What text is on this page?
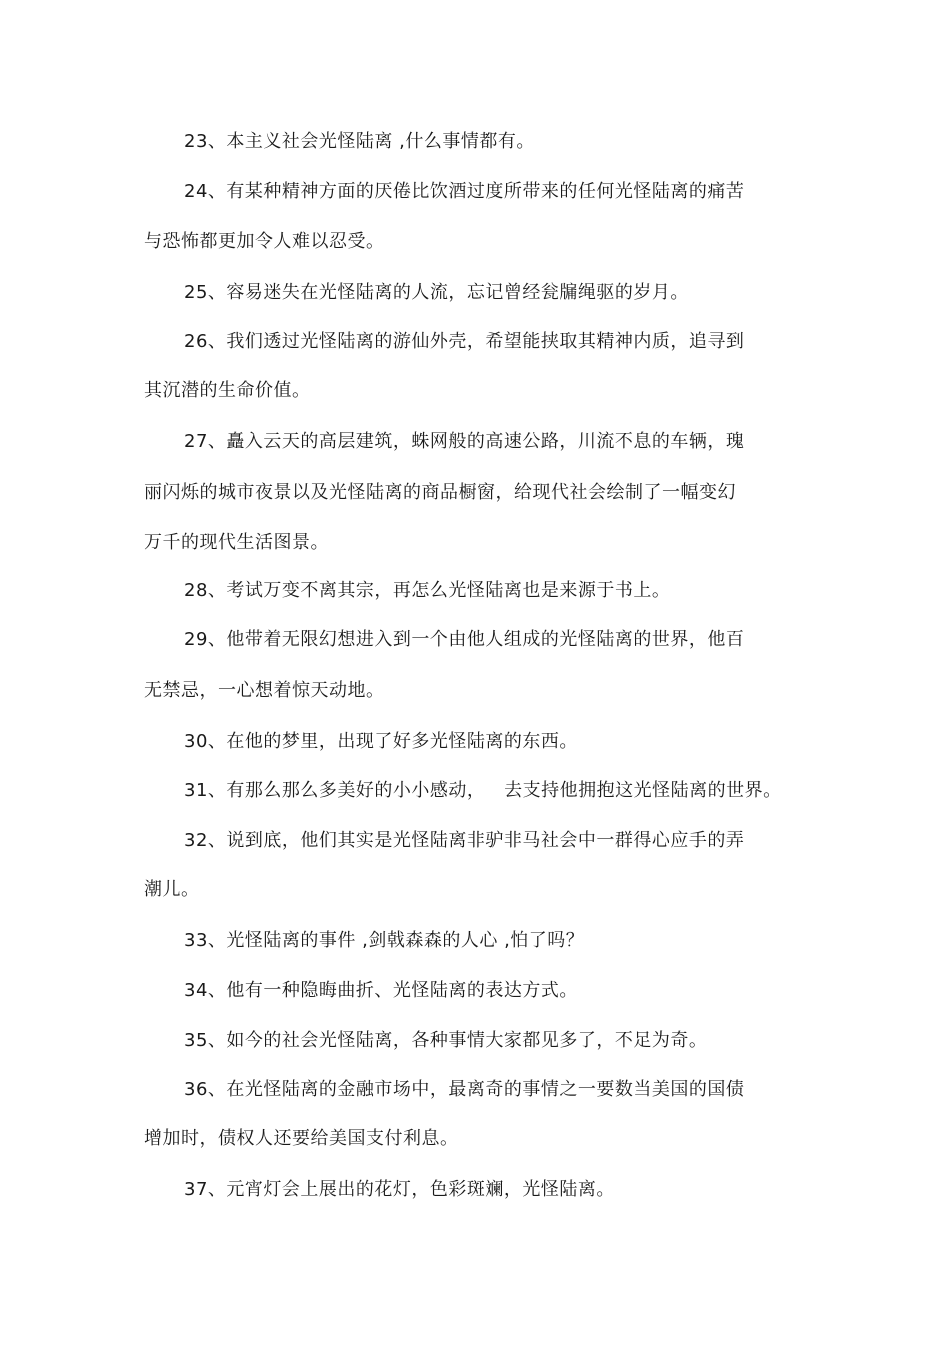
23、本主义社会光怪陆离 ,什么事情都有。
24、有某种精神方面的厌倦比饮酒过度所带来的任何光怪陆离的痛苦
与恐怖都更加令人难以忍受。
25、容易迷失在光怪陆离的人流，忘记曾经瓮牖绳驱的岁月。
26、我们透过光怪陆离的游仙外壳，希望能挟取其精神内质，追寻到
其沉潜的生命价值。
27、矗入云天的高层建筑，蛛网般的高速公路，川流不息的车辆，瑰
丽闪烁的城市夜景以及光怪陆离的商品橱窗，给现代社会绘制了一幅变幻
万千的现代生活图景。
28、考试万变不离其宗，再怎么光怪陆离也是来源于书上。
29、他带着无限幻想进入到一个由他人组成的光怪陆离的世界，他百
无禁忌，一心想着惊天动地。
30、在他的梦里，出现了好多光怪陆离的东西。
31、有那么那么多美好的小小感动，   去支持他拥抱这光怪陆离的世界。
32、说到底，他们其实是光怪陆离非驴非马社会中一群得心应手的弄
潮儿。
33、光怪陆离的事件 ,剑戟森森的人心 ,怕了吗？
34、他有一种隐晦曲折、光怪陆离的表达方式。
35、如今的社会光怪陆离，各种事情大家都见多了，不足为奇。
36、在光怪陆离的金融市场中，最离奇的事情之一要数当美国的国债
增加时，债权人还要给美国支付利息。
37、元宵灯会上展出的花灯，色彩斑斓，光怪陆离。
